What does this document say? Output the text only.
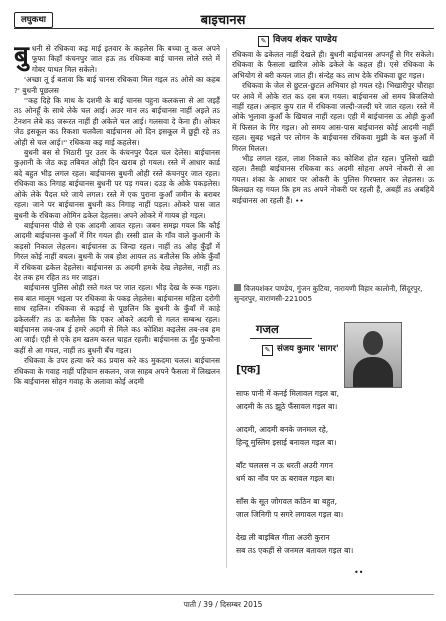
लघुकथा	बाइचानस
✎ विजय शंकर पाण्डेय
बु धनी से रधिकवा कइ माई इतवार के कहलेस कि बच्चा तू कल अपने फूफा किहाँ कंचनपुर जात हऊ तऽ रधिकवा बाई चानस लोले रस्ते में गोबर पाथत मिल सकेले।

'अच्छा तू ई बतावा कि बाई चानस रधिकवा मिल गइल तऽ ओसे का कहब ?' बुधनी पूछलस

''कह दिहे कि माथ के दशमी के बाई चानस पहुना कलकत्ता से आ जइहैं तऽ ओनहूँ के साथे लेके चल आई। अउर मान लऽ बाईचानस नाहीं अइले तऽ टेनशन लेबे कऽ जरूरत नाहीं ही अकेले चल आई। गलसवा दे केना ही। ओकर जेठ इसकूल कऽ रिकशा चलवैला बाईचानस ओ दिन इसकूल में छुट्टी रहे तऽ ओही से चल आई।'' रधिकवा कइ माई कहलेस।

बुधनी बस से भिठारी पुर उतर के कंचनपुर पैदल चल देलेस। बाईचानस कुआ़नी के जेठ कइ तबियत ओही दिन खराब हो गयल। रस्ते में आधार कार्ड बदे बहुत भीड़ लगल रहल। बाईचानस बुधनी ओही रस्ते कंचनपुर जात रहल। रधिकवा कऽ निगाह बाईचानस बुधनी पर पड़ गयल। दउड़ के ओके पकड़लेस। ओके लेके पैदल घरे जाये लगल। रस्ते में एक पुराना कुआँ जमीन के बराबर रहल। जाने पर बाईचानस बुधनी कऽ निगाह नाहीं पड़ल। ओकरे पास जात बुधनी के रधिकवा ओमिन ढकेल देहलस। अपने ओकरे में गायब हो गइल।

बाईचानस पीछे से एक आदमी आवत रहल। जबन समझ गयल कि कौई आदमी बाईचानस कुआँ में गिर गयल ही। रस्सी डाल के गाँव वाले कुआनी के कड़सो निकाल लेहलन। बाईचानस ऊ जिन्दा रहल। नाहीं तऽ ओह कुँइाँ में गिरल कोई नाहीं बचल। बुधनी के जब होश आयल तऽ बतौलेस कि ओके कुँवाँ में रधिकवा ढकेल देहलेस। बाईचानस ऊ अदमी हमके देख लेहलेस, नाहीं तऽ देर तक हम रहित तऽ मर जाइत।

बाईचानस पुलिस ओही रस्ते गश्त पर जात रहल। भीड़ देख के रूक गइल। सब बात मालूम भइला पर रधिकवा के पकड़ लेहलेस। बाईचानस महिला दरोगी साथ रहलिन। रधिकवा से कड़ाई से पूछलिन कि बुधनी के कुँवाँ में काहे ढकेललीं? तऽ ऊ बतौलेस कि एकर ओकरे अदमी से गलत सम्बन्ध रहल। बाईचानस जब-जब ई हमरे अदमी से मिले कऽ कोशिश कइलेस तब-तब हम आ जाईं। एही से एके हम खतम करल चाहत रहली। बाईचानस ऊ मुँह फुकौना कहीं से आ गयल, नाहीं तऽ बुधनी बँच गइल।

रधिकवा के उपर हत्या करे कऽ प्रयास करे कऽ मुकदमा चलल। बाईचानस रधिकवा के गवाह नाहीं पहिचान सकलन, जज साहब अपने फैसला में लिखलन कि बाईचानस सोहन गवाह के अलावा कोई अदमी

रधिकवा के ढकेलत नाहीं देखले ही। बुधनी बाईचानस अपनहूँ से गिर सकेले। रधिकवा के फैसला खारिज ओके ढकेले के कहल ही। एसे रधिकवा के अभियोग से बरी कयल जात ही। संन्देह कऽ लाभ देके रधिकवा छूट गइल।

रधिकवा के जेल से छुटल-छुटल अभियार हो गयल रहे। भिखारीपुर चौराहा पर आवे में ओके रात कऽ दस बज गयल। बाईचानस ओ समय बिजलियो नाहीं रहल। अन्हार कुप रात में रधिकवा जल्दी-जल्दी घरे जात रहल। रस्ते में ओके भुलावा कुआँ के खियाल नाहीं रहल। एही में बाईचानस ऊ ओही कुआँ में फिसल के गिर गइल। ओ समय आस-पास बाईचानस कोई आदमी नाहीं रहल। सुबह भइले पर लोगन के बाईचानस रधिकवा मुझी के बल कुआँ में गिरल मिलल।

भीड़ लगल रहल, लाश निकाले कऽ कोशिश होत रहल। पुलिसो खड़ी रहल। तैसही बाईचानस रधिकवा कऽ अदमी सोहना अपने नोकरी से आ गयल। शंका के आधार पर ओकरी के पुलिस गिरफ्तार कर लेहलस। ऊ बिलखत रह गयल कि हम तऽ अपने नोकरी पर रहली हैं, अबहीं तऽ अबहियें बाईचानस आ रहली हैं। ••

विजयशंकर पाण्डेय, गुंजन कुटिया, नारायणी विहार कालोनी, सिंदूरपुर, सुन्दरपुर, वाराणसी-221005
गजल
✎ संजय कुमार 'सागर'
[एक]
साफ पानी में कनई मिलावल गइल बा,
आदमी के तऽ झूठे फँसावल गइल बा।
आदमी, आदमी बनके जनमल रहे,
हिन्दू मुस्लिम इसाई बनावल गइल बा।
बाँट चललस न ऊ धरती अउरी गगन
धर्म का नाँव पर ऊ बरावल गइल बा।
साँस के सूत जोगवल कठिन बा बहुत,
जाल जिनिगी प सगरे लगावल गइल बा।
देख ली बाइबिल गीता अउरी कुरान
सब तऽ एकहीं से जनमल बतावल गइल बा।
••
पाती / 39 / दिसम्बर 2015
